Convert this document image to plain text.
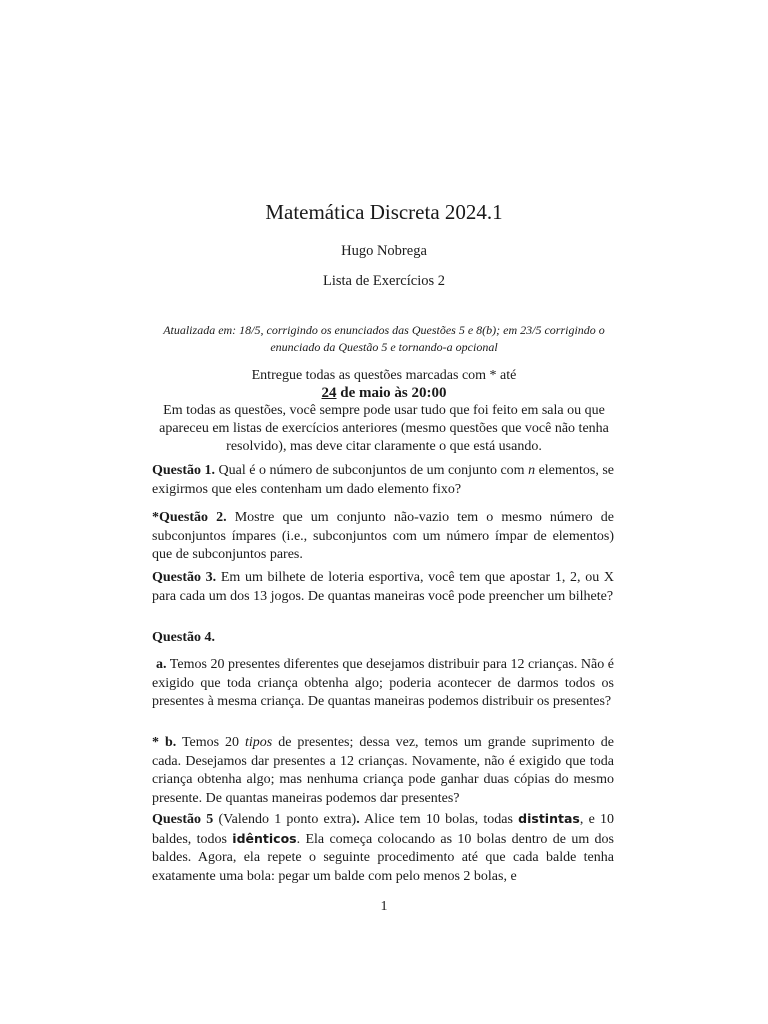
Matemática Discreta 2024.1
Hugo Nobrega
Lista de Exercícios 2
Atualizada em: 18/5, corrigindo os enunciados das Questões 5 e 8(b); em 23/5 corrigindo o enunciado da Questão 5 e tornando-a opcional
Entregue todas as questões marcadas com * até
24 de maio às 20:00
Em todas as questões, você sempre pode usar tudo que foi feito em sala ou que apareceu em listas de exercícios anteriores (mesmo questões que você não tenha resolvido), mas deve citar claramente o que está usando.
Questão 1. Qual é o número de subconjuntos de um conjunto com n elementos, se exigirmos que eles contenham um dado elemento fixo?
*Questão 2. Mostre que um conjunto não-vazio tem o mesmo número de subconjuntos ímpares (i.e., subconjuntos com um número ímpar de elementos) que de subconjuntos pares.
Questão 3. Em um bilhete de loteria esportiva, você tem que apostar 1, 2, ou X para cada um dos 13 jogos. De quantas maneiras você pode preencher um bilhete?
Questão 4.
a. Temos 20 presentes diferentes que desejamos distribuir para 12 crianças. Não é exigido que toda criança obtenha algo; poderia acontecer de darmos todos os presentes à mesma criança. De quantas maneiras podemos distribuir os presentes?
* b. Temos 20 tipos de presentes; dessa vez, temos um grande suprimento de cada. Desejamos dar presentes a 12 crianças. Novamente, não é exigido que toda criança obtenha algo; mas nenhuma criança pode ganhar duas cópias do mesmo presente. De quantas maneiras podemos dar presentes?
Questão 5 (Valendo 1 ponto extra). Alice tem 10 bolas, todas distintas, e 10 baldes, todos idênticos. Ela começa colocando as 10 bolas dentro de um dos baldes. Agora, ela repete o seguinte procedimento até que cada balde tenha exatamente uma bola: pegar um balde com pelo menos 2 bolas, e
1
